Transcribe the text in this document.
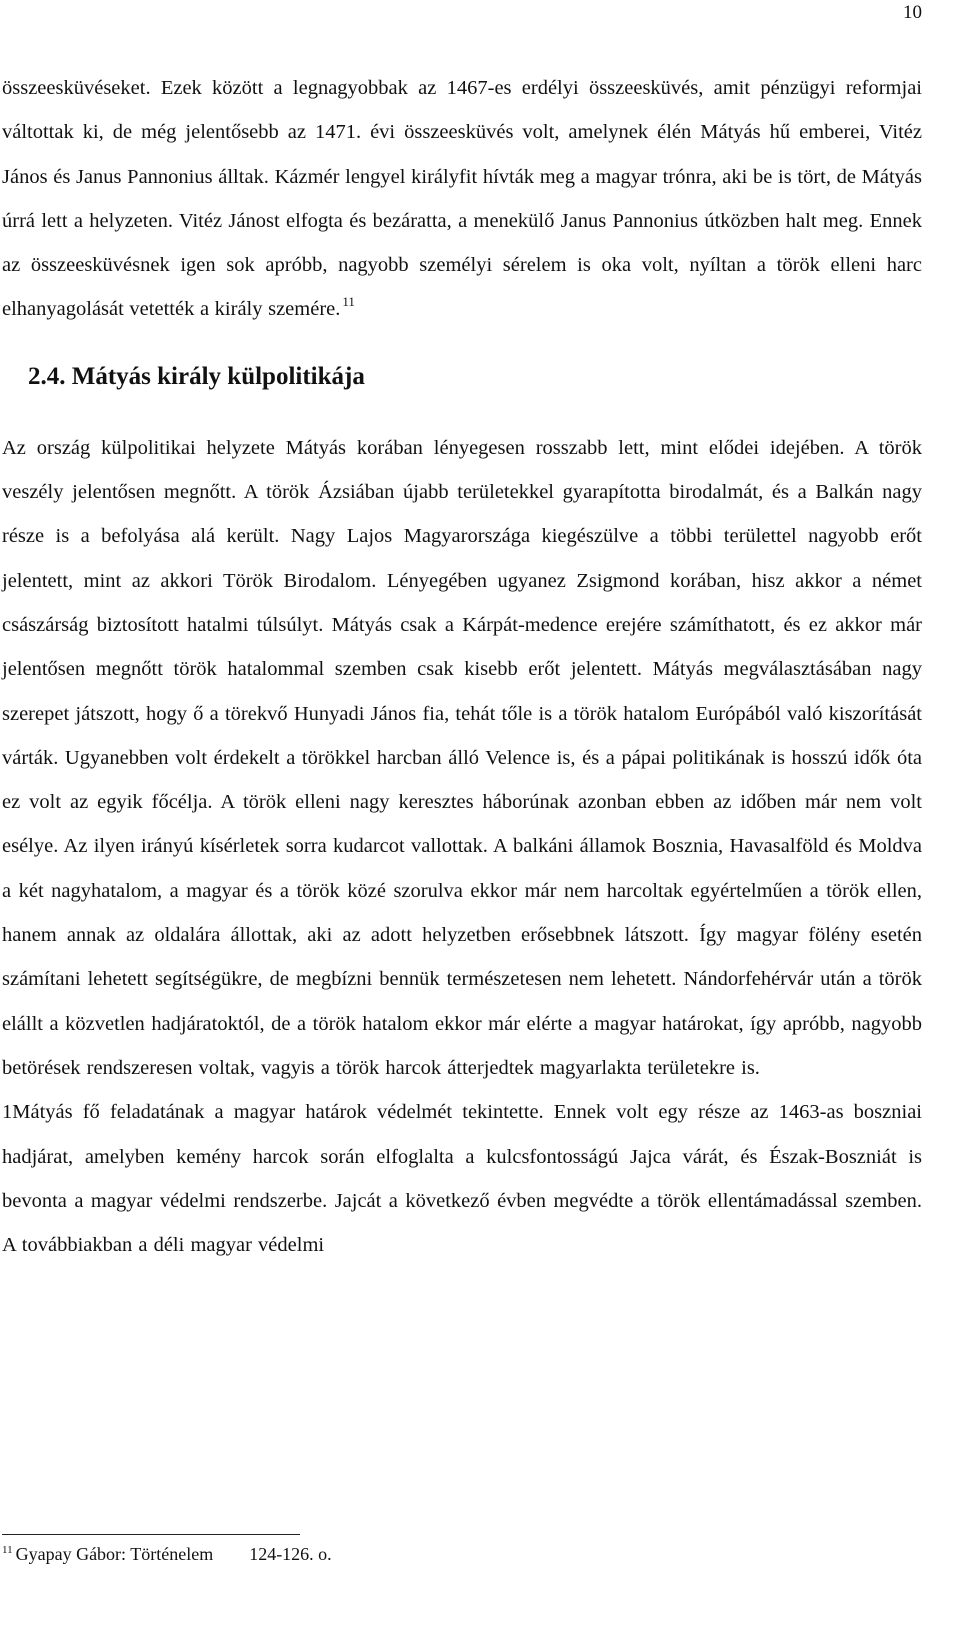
10

összeesküvéseket. Ezek között a legnagyobbak az 1467-es erdélyi összeesküvés, amit pénzügyi reformjai váltottak ki, de még jelentősebb az 1471. évi összeesküvés volt, amelynek élén Mátyás hű emberei, Vitéz János és Janus Pannonius álltak. Kázmér lengyel királyfit hívták meg a magyar trónra, aki be is tört, de Mátyás úrrá lett a helyzeten. Vitéz Jánost elfogta és bezáratta, a menekülő Janus Pannonius útközben halt meg. Ennek az összeesküvésnek igen sok apróbb, nagyobb személyi sérelem is oka volt, nyíltan a török elleni harc elhanyagolását vetették a király szemére. $^{11}$

2.4. Mátyás király külpolitikája

Az ország külpolitikai helyzete Mátyás korában lényegesen rosszabb lett, mint elődei idejében. A török veszély jelentősen megnőtt. A török Ázsiában újabb területekkel gyarapította birodalmát, és a Balkán nagy része is a befolyása alá került. Nagy Lajos Magyarországa kiegészülve a többi területtel nagyobb erőt jelentett, mint az akkori Török Birodalom. Lényegében ugyanez Zsigmond korában, hisz akkor a német császárság biztosított hatalmi túlsúlyt. Mátyás csak a Kárpát-medence erejére számíthatott, és ez akkor már jelentősen megnőtt török hatalommal szemben csak kisebb erőt jelentett. Mátyás megválasztásában nagy szerepet játszott, hogy ő a törekvő Hunyadi János fia, tehát tőle is a török hatalom Európából való kiszorítását várták. Ugyanebben volt érdekelt a törökkel harcban álló Velence is, és a pápai politikának is hosszú idők óta ez volt az egyik főcélja. A török elleni nagy keresztes háborúnak azonban ebben az időben már nem volt esélye. Az ilyen irányú kísérletek sorra kudarcot vallottak. A balkáni államok Bosznia, Havasalföld és Moldva a két nagyhatalom, a magyar és a török közé szorulva ekkor már nem harcoltak egyértelműen a török ellen, hanem annak az oldalára állottak, aki az adott helyzetben erősebbnek látszott. Így magyar fölény esetén számítani lehetett segítségükre, de megbízni bennük természetesen nem lehetett. Nándorfehérvár után a török elállt a közvetlen hadjáratoktól, de a török hatalom ekkor már elérte a magyar határokat, így apróbb, nagyobb betörések rendszeresen voltak, vagyis a török harcok átterjedtek magyarlakta területekre is.

1Mátyás fő feladatának a magyar határok védelmét tekintette. Ennek volt egy része az 1463-as boszniai hadjárat, amelyben kemény harcok során elfoglalta a kulcsfontosságú Jajca várát, és Észak-Boszniát is bevonta a magyar védelmi rendszerbe. Jajcát a következő évben megvédte a török ellentámadással szemben. A továbbiakban a déli magyar védelmi

$^{11}$ Gyapay Gábor: Történelem        124-126. o.
